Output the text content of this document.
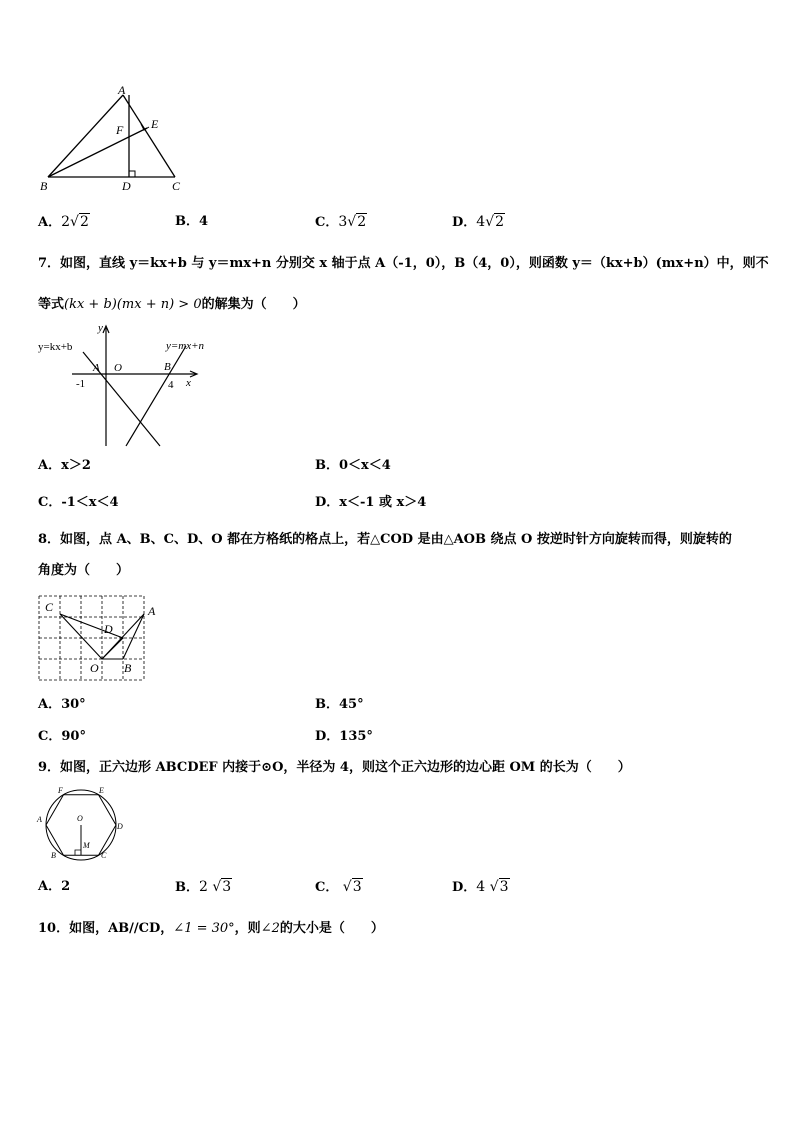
A
E
F
B	D	C
A．2√2	B．4	C．3√2	D．4√2
7．如图，直线 y＝kx+b 与 y＝mx+n 分别交 x 轴于点 A（-1，0），B（4，0），则函数 y＝（kx+b）(mx+n）中，则不
等式(kx + b)(mx + n) > 0的解集为（　　）
y
x
y=kx+b	y=mx+n
A O	B
-1	4
A．x＞2	B．0＜x＜4
C．-1＜x＜4	D．x＜-1 或 x＞4
8．如图，点 A、B、C、D、O 都在方格纸的格点上，若△COD 是由△AOB 绕点 O 按逆时针方向旋转而得，则旋转的
角度为（　　）
C	A
D
O B
A．30°	B．45°
C．90°	D．135°
9．如图，正六边形 ABCDEF 内接于⊙O，半径为 4，则这个正六边形的边心距 OM 的长为（　　）
F	E
A
D
B	C
O
M
A．2	B．2 √3	C． √3	D．4 √3
10．如图，AB//CD，∠1 = 30°，则∠2的大小是（　　）
